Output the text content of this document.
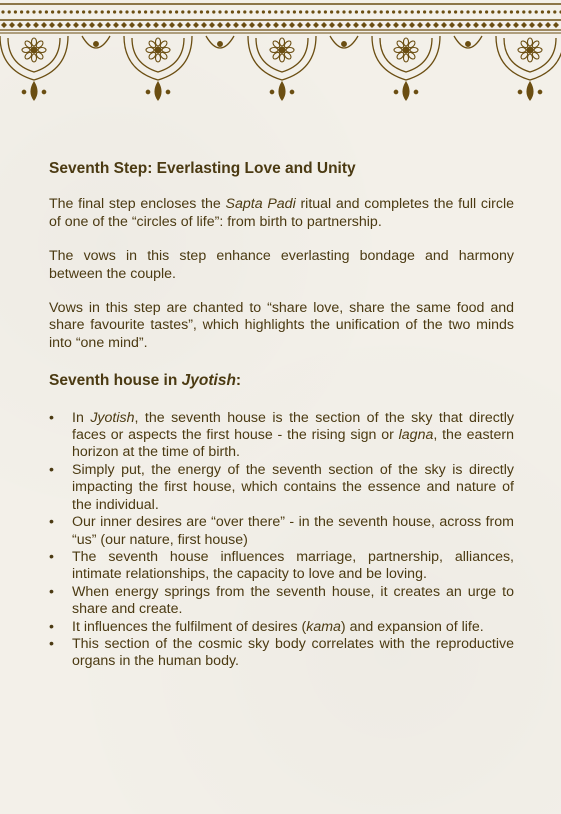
Seventh Step: Everlasting Love and Unity

The final step encloses the Sapta Padi ritual and completes the full circle of one of the “circles of life”: from birth to partnership.

The vows in this step enhance everlasting bondage and harmony between the couple.

Vows in this step are chanted to “share love, share the same food and share favourite tastes”, which highlights the unification of the two minds into “one mind”.

Seventh house in Jyotish:
• In Jyotish, the seventh house is the section of the sky that directly faces or aspects the first house - the rising sign or lagna, the eastern horizon at the time of birth.
• Simply put, the energy of the seventh section of the sky is directly impacting the first house, which contains the essence and nature of the individual.
• Our inner desires are “over there” - in the seventh house, across from “us” (our nature, first house)
• The seventh house influences marriage, partnership, alliances, intimate relationships, the capacity to love and be loving.
• When energy springs from the seventh house, it creates an urge to share and create.
• It influences the fulfilment of desires (kama) and expansion of life.
• This section of the cosmic sky body correlates with the reproductive organs in the human body.
